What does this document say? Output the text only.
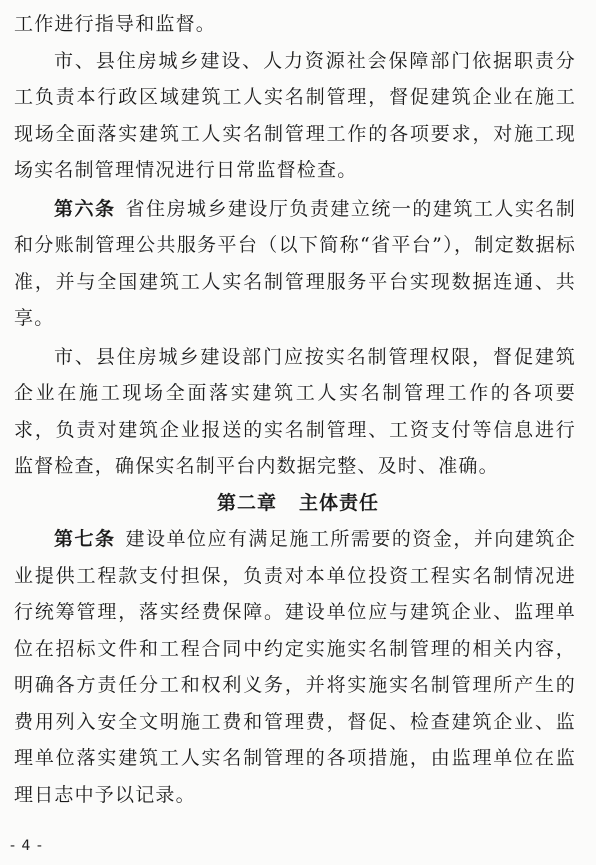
工作进行指导和监督。

市、县住房城乡建设、人力资源社会保障部门依据职责分工负责本行政区域建筑工人实名制管理，督促建筑企业在施工现场全面落实建筑工人实名制管理工作的各项要求，对施工现场实名制管理情况进行日常监督检查。

第六条 省住房城乡建设厅负责建立统一的建筑工人实名制和分账制管理公共服务平台（以下简称“省平台”），制定数据标准，并与全国建筑工人实名制管理服务平台实现数据连通、共享。

市、县住房城乡建设部门应按实名制管理权限，督促建筑企业在施工现场全面落实建筑工人实名制管理工作的各项要求，负责对建筑企业报送的实名制管理、工资支付等信息进行监督检查，确保实名制平台内数据完整、及时、准确。

第二章 主体责任

第七条 建设单位应有满足施工所需要的资金，并向建筑企业提供工程款支付担保，负责对本单位投资工程实名制情况进行统筹管理，落实经费保障。建设单位应与建筑企业、监理单位在招标文件和工程合同中约定实施实名制管理的相关内容，明确各方责任分工和权利义务，并将实施实名制管理所产生的费用列入安全文明施工费和管理费，督促、检查建筑企业、监理单位落实建筑工人实名制管理的各项措施，由监理单位在监理日志中予以记录。

- 4 -
